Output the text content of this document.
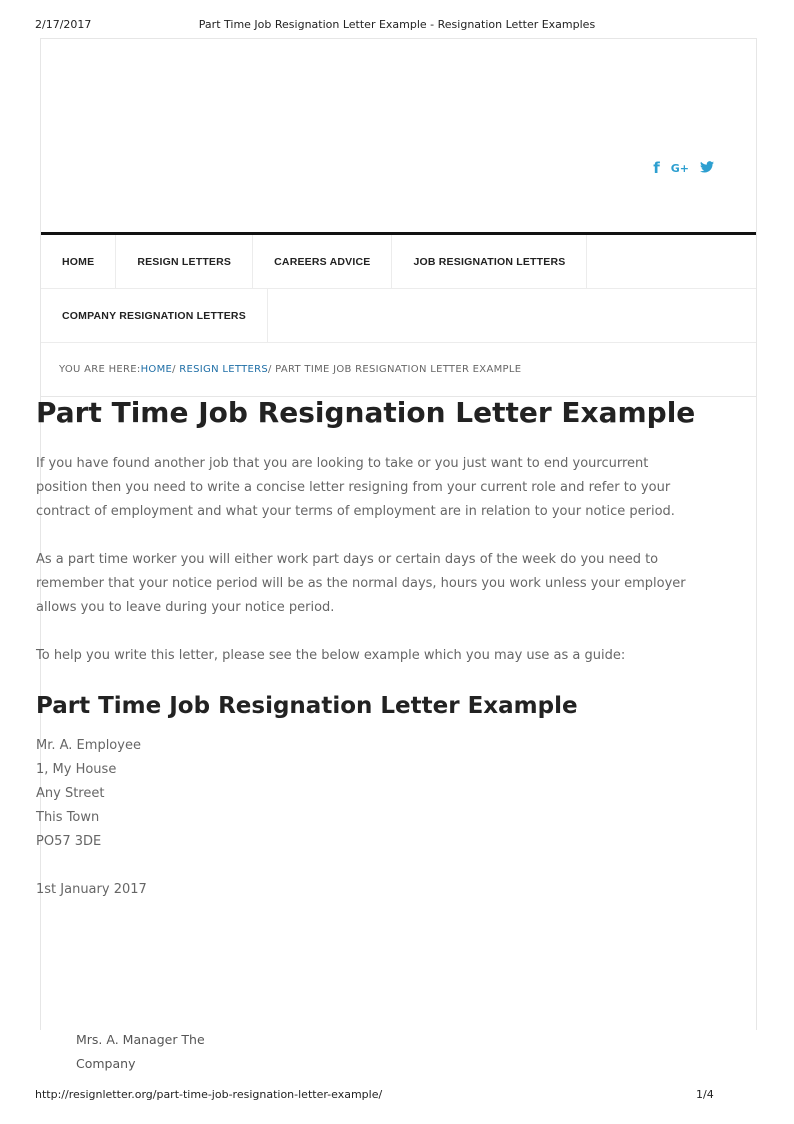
2/17/2017	Part Time Job Resignation Letter Example - Resignation Letter Examples
f G+
HOME	RESIGN LETTERS	CAREERS ADVICE	JOB RESIGNATION LETTERS
COMPANY RESIGNATION LETTERS
YOU ARE HERE: HOME /
RESIGN LETTERS /
PART TIME JOB RESIGNATION LETTER EXAMPLE
Part Time Job Resignation Letter Example

If you have found another job that you are looking to take or you just want to end yourcurrent position then you need to write a concise letter resigning from your current role and refer to your contract of employment and what your terms of employment are in relation to your notice period.

As a part time worker you will either work part days or certain days of the week do you need to remember that your notice period will be as the normal days, hours you work unless your employer allows you to leave during your notice period.

To help you write this letter, please see the below example which you may use as a guide:

Part Time Job Resignation Letter Example
Mr. A. Employee
1, My House
Any Street
This Town
PO57 3DE
1st January 2017
Mrs. A. Manager The
Company
http://resignletter.org/part-time-job-resignation-letter-example/	1/4
